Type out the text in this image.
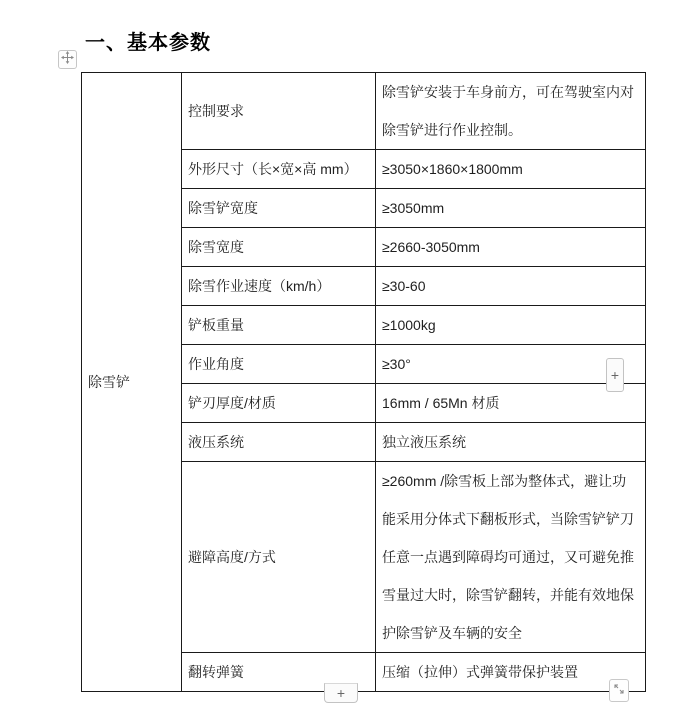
一、基本参数
除雪铲	控制要求	除雪铲安装于车身前方，可在驾驶室内对除雪铲进行作业控制。
	外形尺寸（长×宽×高 mm）	≥3050×1860×1800mm
	除雪铲宽度	≥3050mm
	除雪宽度	≥2660-3050mm
	除雪作业速度（km/h）	≥30-60
	铲板重量	≥1000kg
	作业角度	≥30°
	铲刃厚度/材质	16mm / 65Mn 材质
	液压系统	独立液压系统
	避障高度/方式	≥260mm /除雪板上部为整体式，避让功能采用分体式下翻板形式，当除雪铲铲刀任意一点遇到障碍均可通过，又可避免推雪量过大时，除雪铲翻转，并能有效地保护除雪铲及车辆的安全
	翻转弹簧	压缩（拉伸）式弹簧带保护装置
+
+
